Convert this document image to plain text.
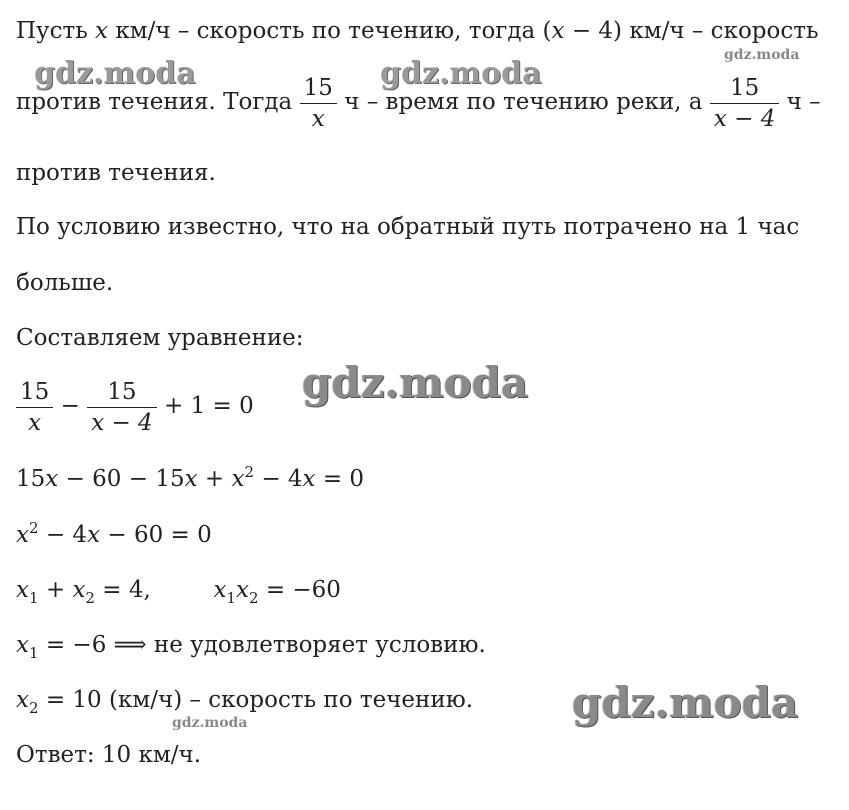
gdz.moda	gdz.moda
gdz.moda
gdz.moda
gdz.moda
gdz.moda
Пусть x км/ч – скорость по течению, тогда (x − 4) км/ч – скорость
против течения. Тогда $\frac{15}{x}$ ч – время по течению реки, а $\frac{15}{x - 4}$ ч –
против течения.
По условию известно, что на обратный путь потрачено на 1 час
больше.
Составляем уравнение:
$\frac{15}{x} - \frac{15}{x - 4} + 1 = 0$
$15x - 60 - 15x + x^2 - 4x = 0$
$x^2 - 4x - 60 = 0$
$x_1 + x_2 = 4$,	$x_1x_2 = -60$
$x_1 = -6$ ⟹ не удовлетворяет условию.
$x_2 = 10$ (км/ч) – скорость по течению.
Ответ: 10 км/ч.
